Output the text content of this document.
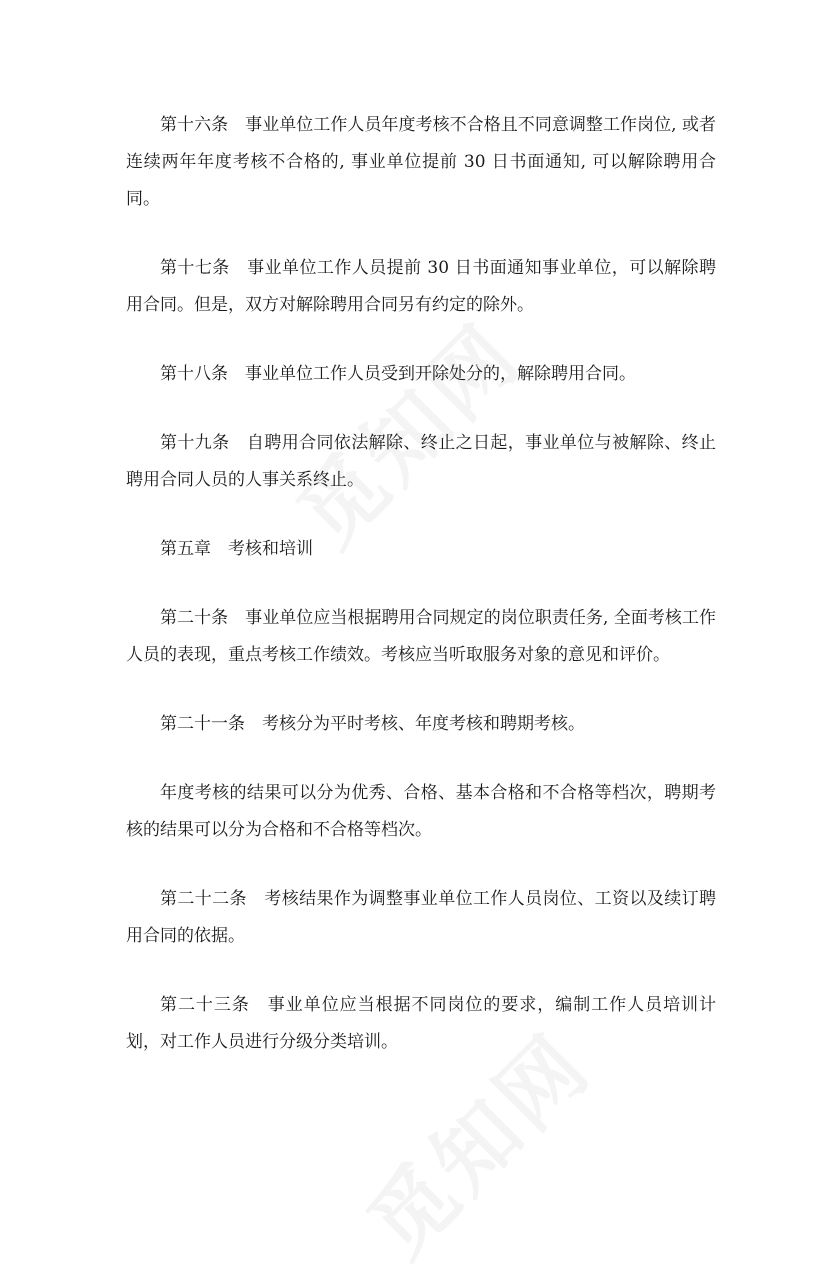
第十六条　事业单位工作人员年度考核不合格且不同意调整工作岗位, 或者连续两年年度考核不合格的, 事业单位提前 30 日书面通知, 可以解除聘用合同。

第十七条　事业单位工作人员提前 30 日书面通知事业单位，可以解除聘用合同。但是，双方对解除聘用合同另有约定的除外。

第十八条　事业单位工作人员受到开除处分的，解除聘用合同。

第十九条　自聘用合同依法解除、终止之日起，事业单位与被解除、终止聘用合同人员的人事关系终止。

第五章　考核和培训

第二十条　事业单位应当根据聘用合同规定的岗位职责任务, 全面考核工作人员的表现，重点考核工作绩效。考核应当听取服务对象的意见和评价。

第二十一条　考核分为平时考核、年度考核和聘期考核。

年度考核的结果可以分为优秀、合格、基本合格和不合格等档次，聘期考核的结果可以分为合格和不合格等档次。

第二十二条　考核结果作为调整事业单位工作人员岗位、工资以及续订聘用合同的依据。

第二十三条　事业单位应当根据不同岗位的要求，编制工作人员培训计划，对工作人员进行分级分类培训。
